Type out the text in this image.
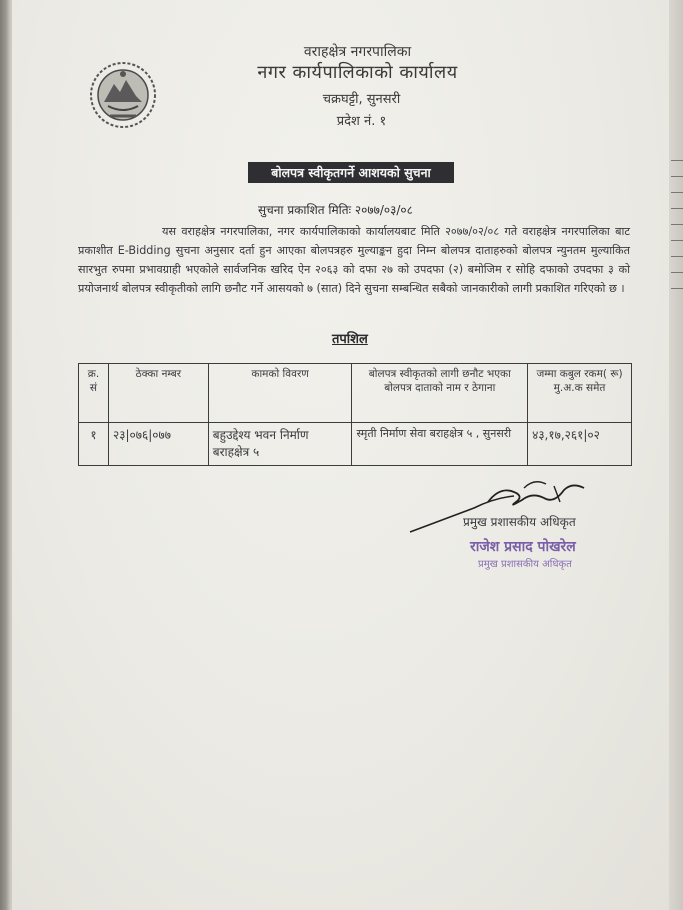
वराहक्षेत्र नगरपालिका
नगर कार्यपालिकाको कार्यालय
चक्रघट्टी, सुनसरी
प्रदेश नं. १
बोलपत्र स्वीकृतगर्ने आशयको सुचना
सुचना प्रकाशित मितिः २०७७/०३/०८
यस वराहक्षेत्र नगरपालिका, नगर कार्यपालिकाको कार्यालयबाट मिति २०७७/०२/०८ गते वराहक्षेत्र नगरपालिका बाट प्रकाशीत E-Bidding सुचना अनुसार दर्ता हुन आएका बोलपत्रहरु मुल्याङ्कन हुदा निम्न बोलपत्र दाताहरुको बोलपत्र न्युनतम मुल्याकित सारभुत रुपमा प्रभावग्राही भएकोले सार्वजनिक खरिद ऐन २०६३ को दफा २७ को उपदफा (२) बमोजिम र सोहि दफाको उपदफा ३ को प्रयोजनार्थ बोलपत्र स्वीकृतीको लागि छनौट गर्ने आसयको ७ (सात) दिने सुचना सम्बन्धित सबैको जानकारीको लागी प्रकाशित गरिएको छ ।
तपशिल
क्र. सं	ठेक्का नम्बर	कामको विवरण	बोलपत्र स्वीकृतको लागी छनौट भएका बोलपत्र दाताको नाम र ठेगाना	जम्मा कबुल रकम( रू) मु.अ.क समेत
१	२३|०७६|०७७	बहुउद्देश्य भवन निर्माण बराहक्षेत्र ५	स्मृती निर्माण सेवा बराहक्षेत्र ५ , सुनसरी	४३,१७,२६१|०२
प्रमुख प्रशासकीय अधिकृत
राजेश प्रसाद पोखरेल
प्रमुख प्रशासकीय अधिकृत
